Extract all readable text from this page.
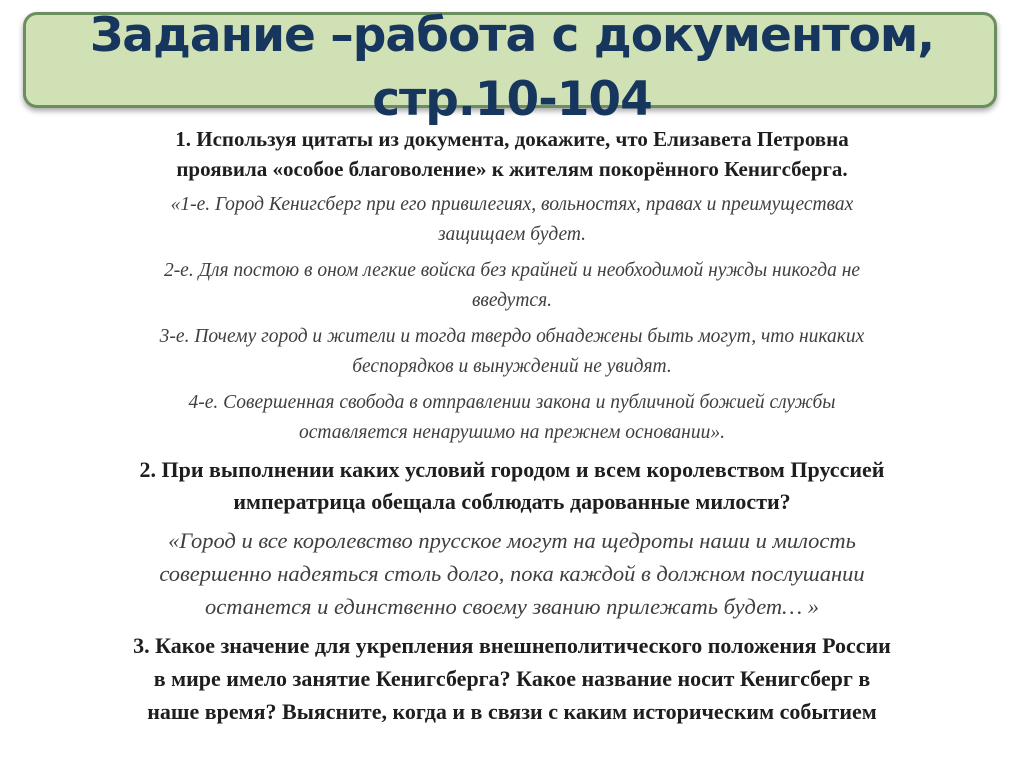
Задание –работа с документом,
стр.10-104

1. Используя цитаты из документа, докажите, что Елизавета Петровна
проявила «особое благоволение» к жителям покорённого Кенигсберга.

«1-е. Город Кенигсберг при его привилегиях, вольностях, правах и преимуществах
защищаем будет.

2-е. Для постою в оном легкие войска без крайней и необходимой нужды никогда не
введутся.

3-е. Почему город и жители и тогда твердо обнадежены быть могут, что никаких
беспорядков и вынуждений не увидят.

4-е. Совершенная свобода в отправлении закона и публичной божией службы
оставляется ненарушимо на прежнем основании».

2. При выполнении каких условий городом и всем королевством Пруссией
императрица обещала соблюдать дарованные милости?

«Город и все королевство прусское могут на щедроты наши и милость
совершенно надеяться столь долго, пока каждой в должном послушании
останется и единственно своему званию прилежать будет… »

3. Какое значение для укрепления внешнеполитического положения России
в мире имело занятие Кенигсберга? Какое название носит Кенигсберг в
наше время? Выясните, когда и в связи с каким историческим событием
